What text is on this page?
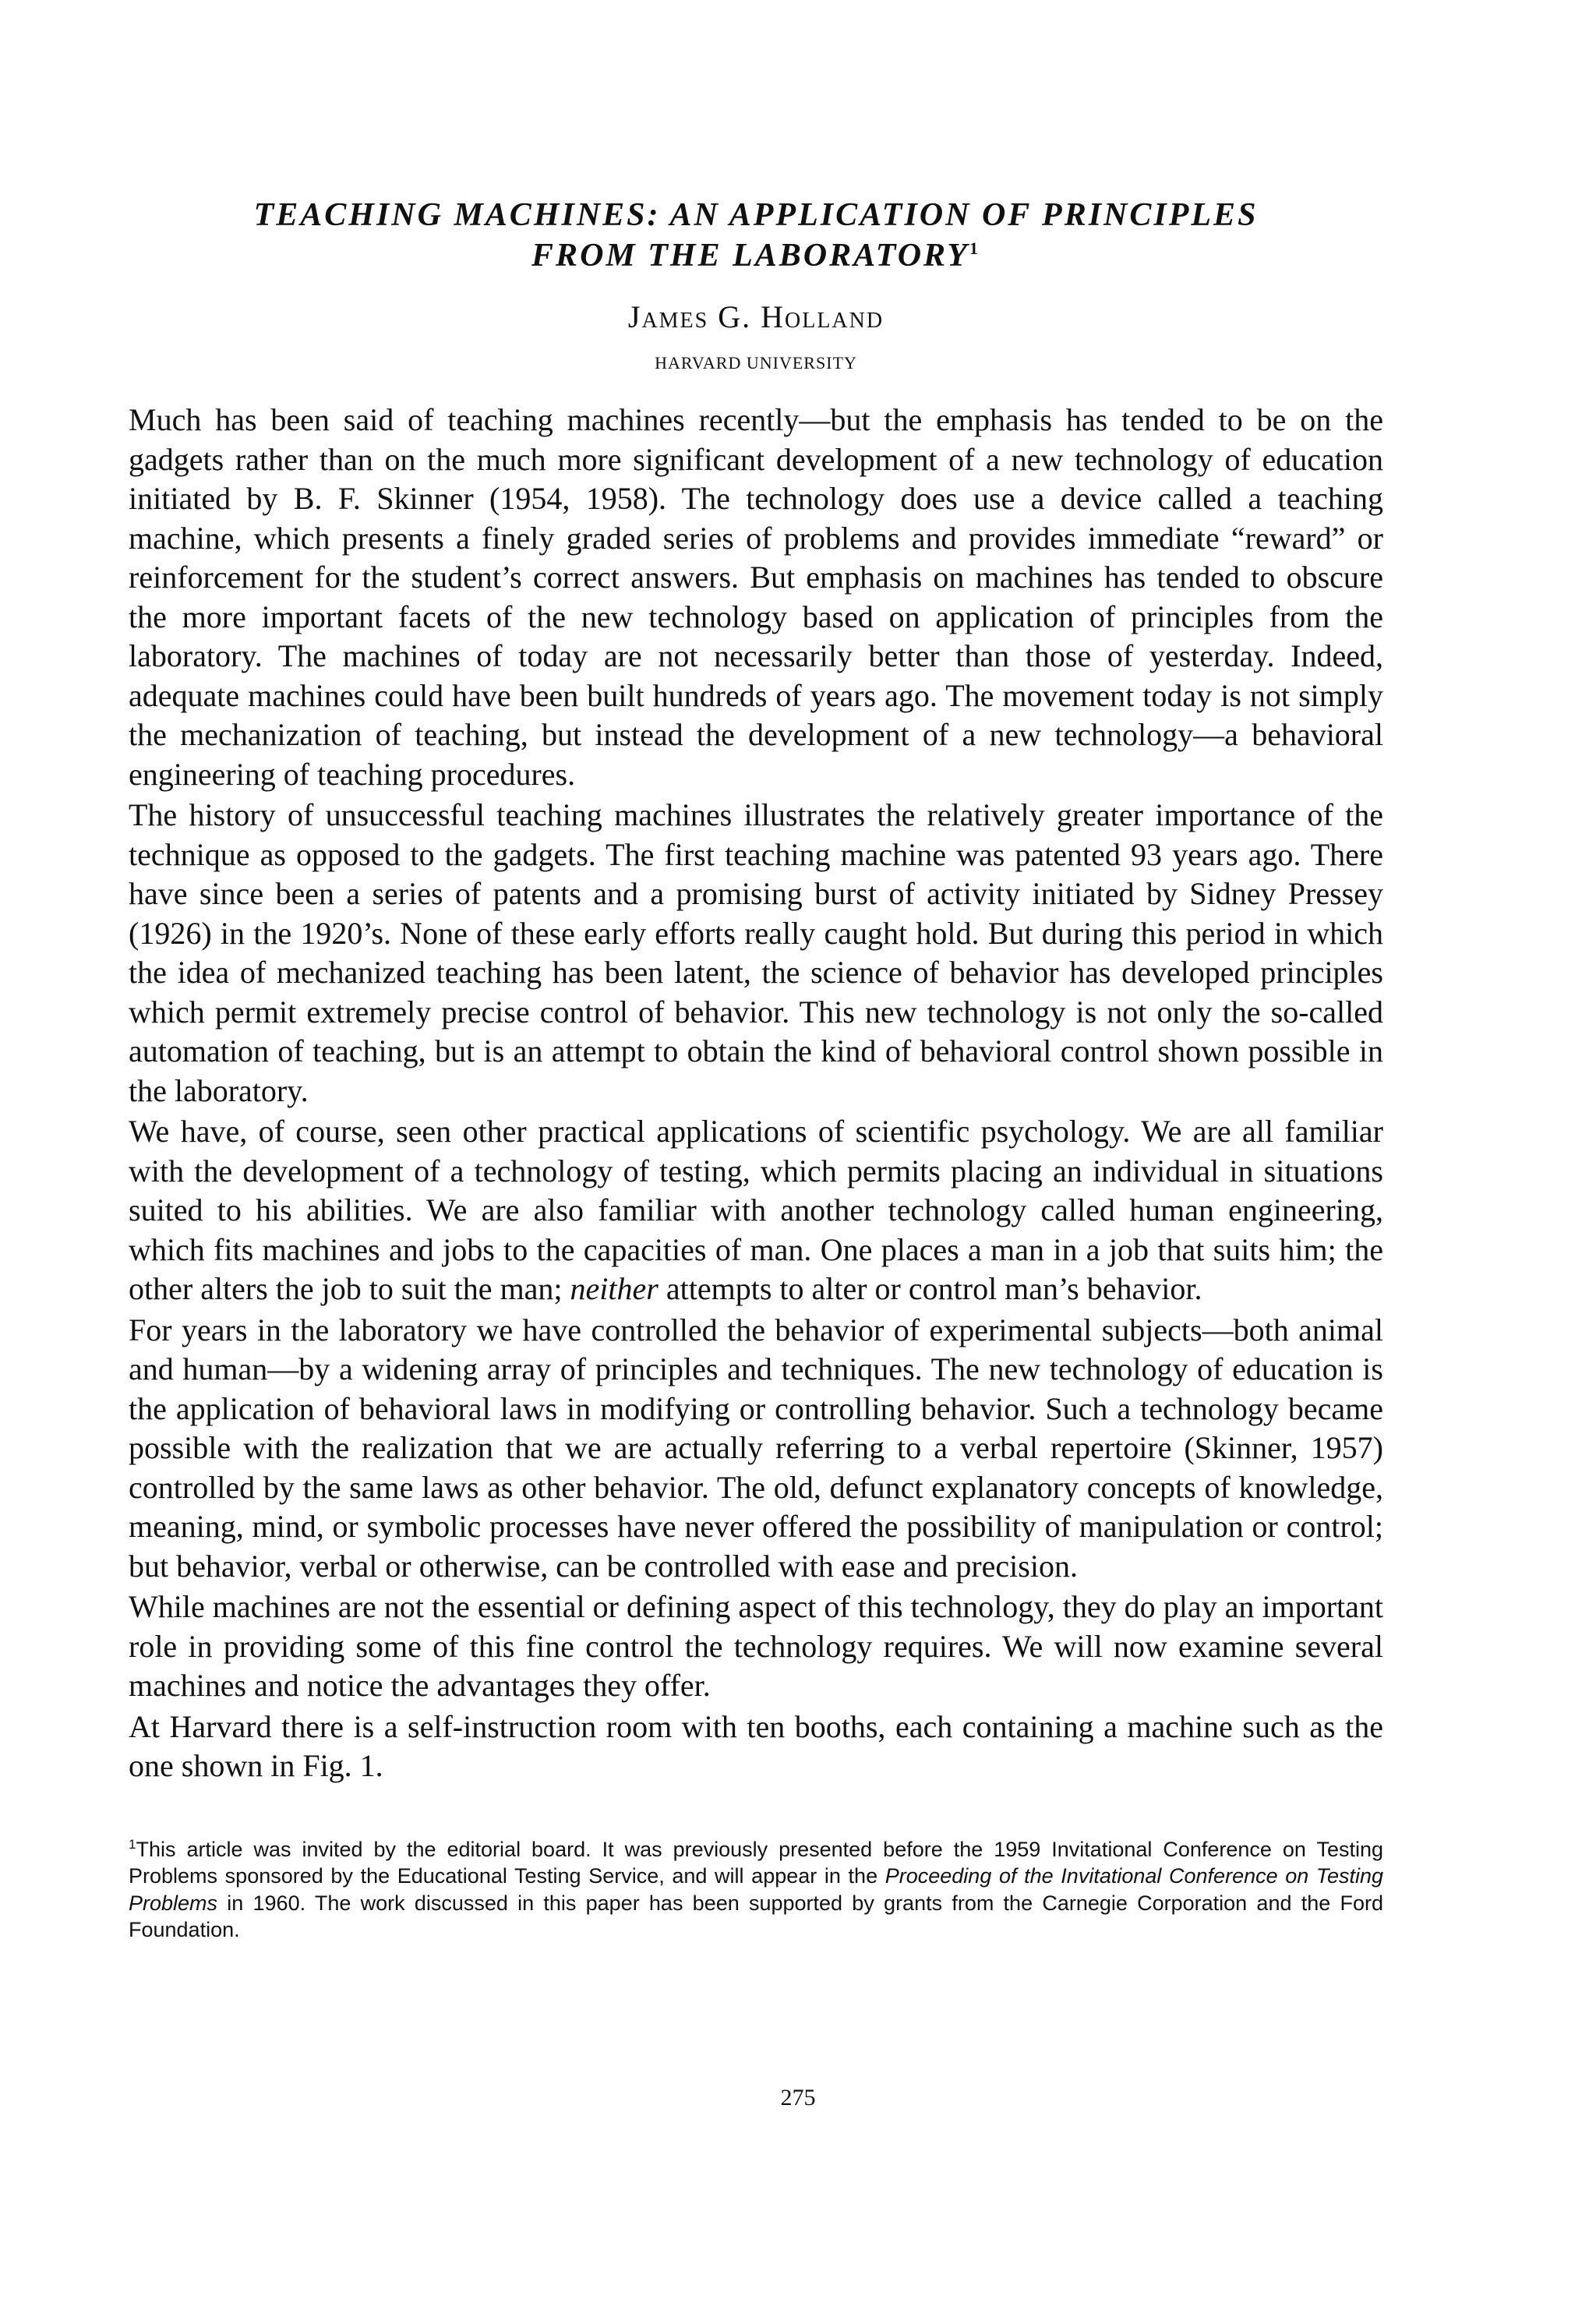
TEACHING MACHINES: AN APPLICATION OF PRINCIPLES
FROM THE LABORATORY$^1$
James G. Holland
HARVARD UNIVERSITY

Much has been said of teaching machines recently—but the emphasis has tended to be on the gadgets rather than on the much more significant development of a new technology of education initiated by B. F. Skinner (1954, 1958). The technology does use a device called a teaching machine, which presents a finely graded series of problems and provides immediate “reward” or reinforcement for the student’s correct answers. But emphasis on machines has tended to obscure the more important facets of the new technology based on application of principles from the laboratory. The machines of today are not necessarily better than those of yesterday. Indeed, adequate machines could have been built hundreds of years ago. The movement today is not simply the mechanization of teaching, but instead the development of a new technology—a behavioral engineering of teaching procedures.

The history of unsuccessful teaching machines illustrates the relatively greater importance of the technique as opposed to the gadgets. The first teaching machine was patented 93 years ago. There have since been a series of patents and a promising burst of activity initiated by Sidney Pressey (1926) in the 1920’s. None of these early efforts really caught hold. But during this period in which the idea of mechanized teaching has been latent, the science of behavior has developed principles which permit extremely precise control of behavior. This new technology is not only the so-called automation of teaching, but is an attempt to obtain the kind of behavioral control shown possible in the laboratory.

We have, of course, seen other practical applications of scientific psychology. We are all familiar with the development of a technology of testing, which permits placing an individual in situations suited to his abilities. We are also familiar with another technology called human engineering, which fits machines and jobs to the capacities of man. One places a man in a job that suits him; the other alters the job to suit the man; neither attempts to alter or control man’s behavior.

For years in the laboratory we have controlled the behavior of experimental subjects—both animal and human—by a widening array of principles and techniques. The new technology of education is the application of behavioral laws in modifying or controlling behavior. Such a technology became possible with the realization that we are actually referring to a verbal repertoire (Skinner, 1957) controlled by the same laws as other behavior. The old, defunct explanatory concepts of knowledge, meaning, mind, or symbolic processes have never offered the possibility of manipulation or control; but behavior, verbal or otherwise, can be controlled with ease and precision.

While machines are not the essential or defining aspect of this technology, they do play an important role in providing some of this fine control the technology requires. We will now examine several machines and notice the advantages they offer.

At Harvard there is a self-instruction room with ten booths, each containing a machine such as the one shown in Fig. 1.

$^1$This article was invited by the editorial board. It was previously presented before the 1959 Invitational Conference on Testing Problems sponsored by the Educational Testing Service, and will appear in the Proceeding of the Invitational Conference on Testing Problems in 1960. The work discussed in this paper has been supported by grants from the Carnegie Corporation and the Ford Foundation.

275
